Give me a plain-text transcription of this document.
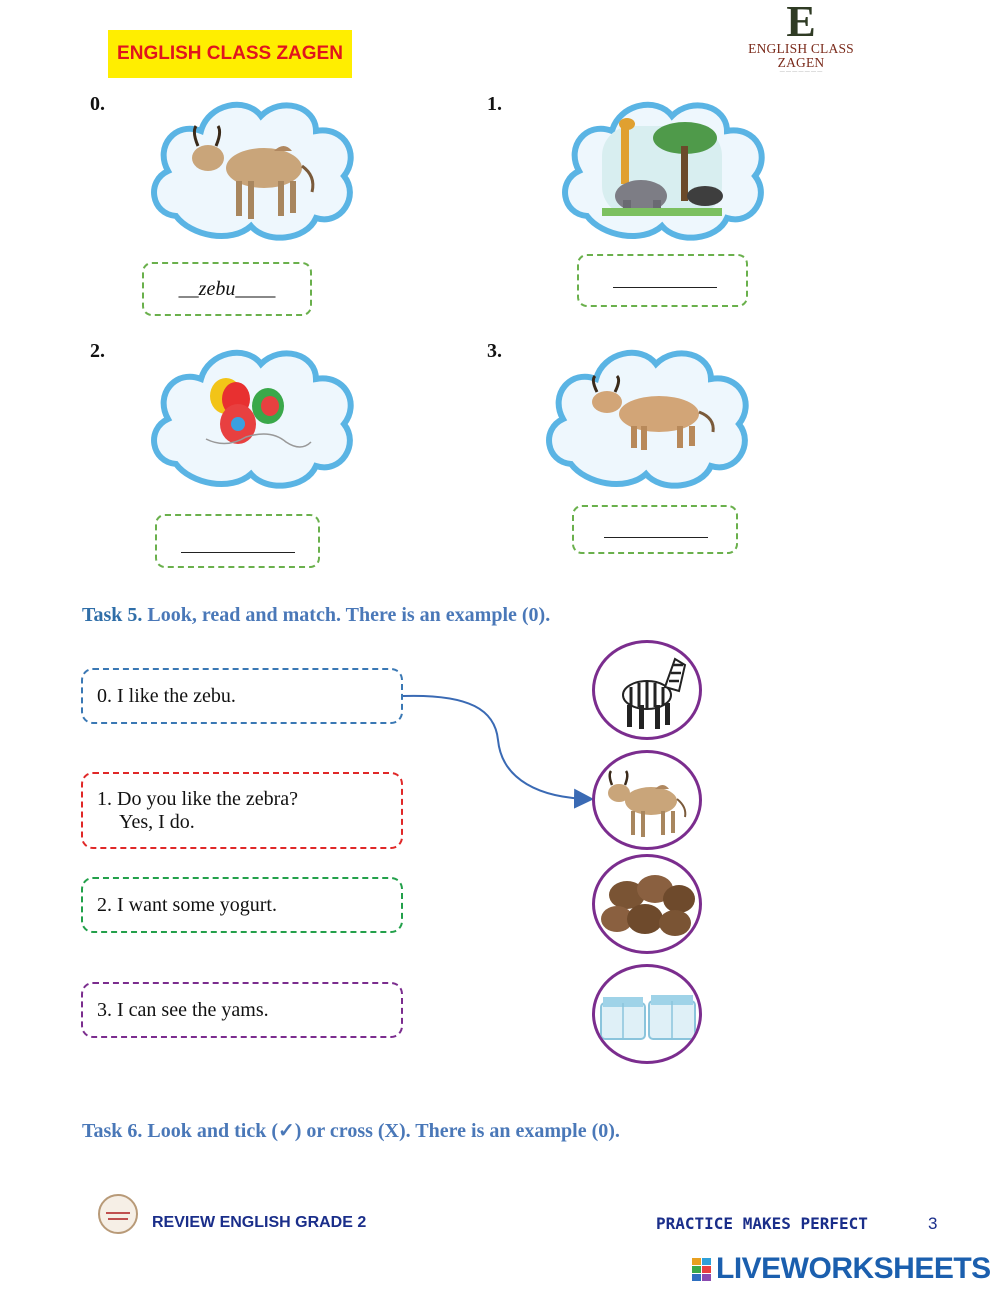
ENGLISH CLASS ZAGEN
E
ENGLISH CLASS ZAGEN
— — — — — — —
0.
__zebu____
1.
2.	3.
Task 5. Look, read and match. There is an example (0).
0. I like the zebu.
1. Do you like the zebra?
Yes, I do.
2. I want some yogurt.
3. I can see the yams.
Task 6. Look and tick (✓) or cross (X). There is an example (0).
REVIEW ENGLISH GRADE 2	PRACTICE MAKES PERFECT	3
LIVEWORKSHEETS
